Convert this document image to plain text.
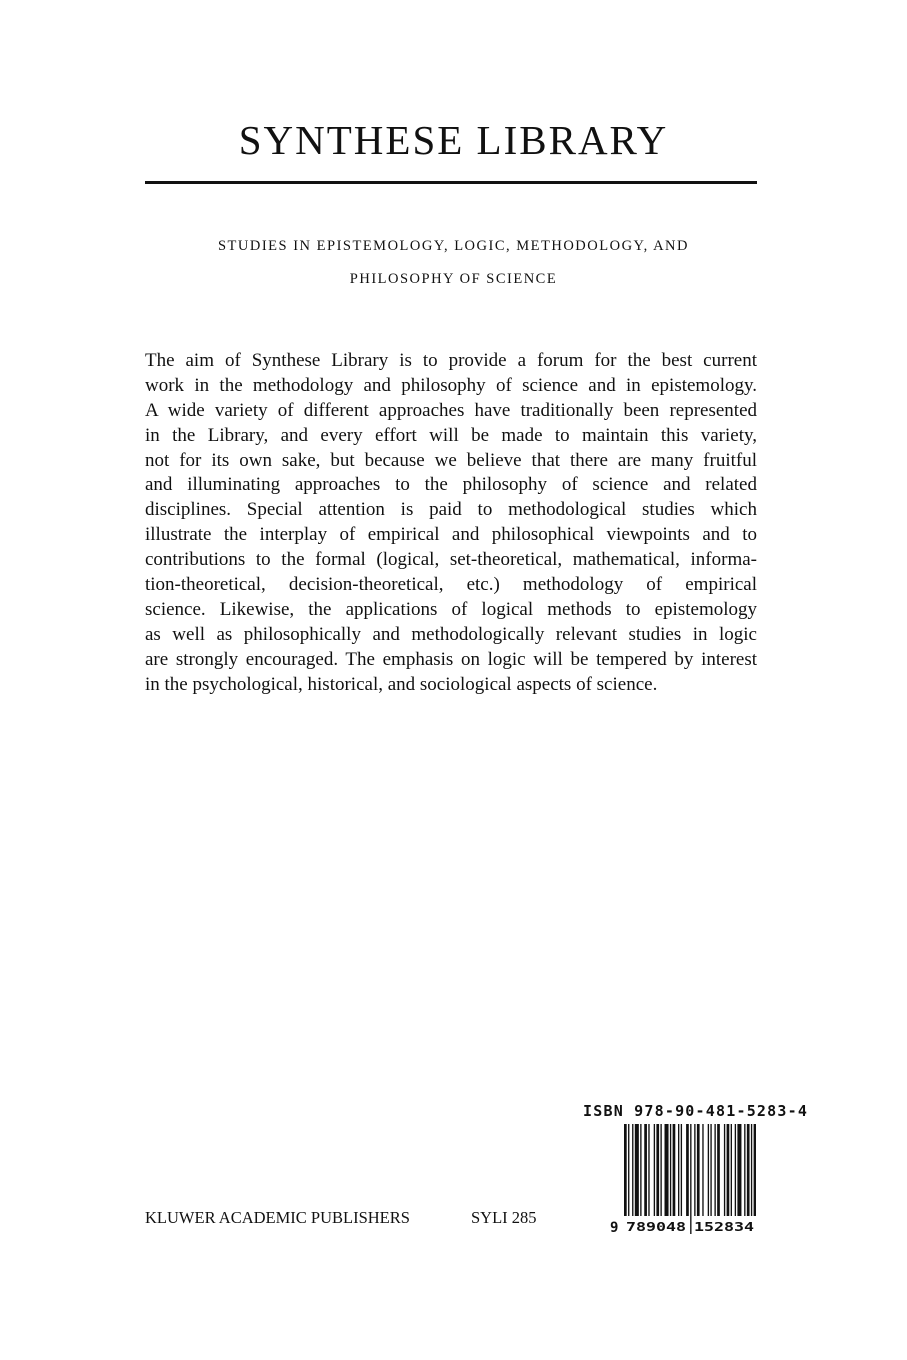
SYNTHESE LIBRARY
STUDIES IN EPISTEMOLOGY, LOGIC, METHODOLOGY, AND
PHILOSOPHY OF SCIENCE
The aim of Synthese Library is to provide a forum for the best current
work in the methodology and philosophy of science and in epistemology.
A wide variety of different approaches have traditionally been represented
in the Library, and every effort will be made to maintain this variety,
not for its own sake, but because we believe that there are many fruitful
and illuminating approaches to the philosophy of science and related
disciplines. Special attention is paid to methodological studies which
illustrate the interplay of empirical and philosophical viewpoints and to
contributions to the formal (logical, set-theoretical, mathematical, informa-
tion-theoretical, decision-theoretical, etc.) methodology of empirical
science. Likewise, the applications of logical methods to epistemology
as well as philosophically and methodologically relevant studies in logic
are strongly encouraged. The emphasis on logic will be tempered by interest
in the psychological, historical, and sociological aspects of science.
ISBN 978-90-481-5283-4
9 789048 152834
KLUWER ACADEMIC PUBLISHERS	SYLI 285
